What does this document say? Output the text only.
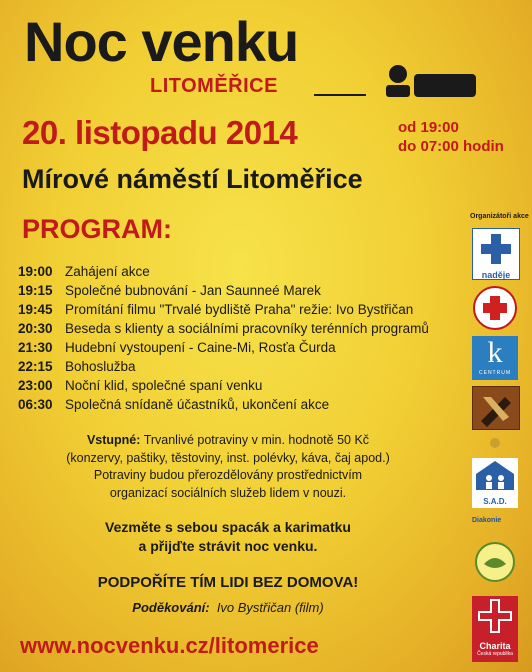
Noc venku
LITOMĚŘICE
20. listopadu 2014	od 19:00
do 07:00 hodin
Mírové náměstí Litoměřice
PROGRAM:
19:00 Zahájení akce
19:15 Společné bubnování - Jan Saunneé Marek
19:45 Promítání filmu "Trvalé bydliště Praha" režie: Ivo Bystřičan
20:30 Beseda s klienty a sociálními pracovníky terénních programů
21:30 Hudební vystoupení - Caine-Mi, Rosťa Čurda
22:15 Bohoslužba
23:00 Noční klid, společné spaní venku
06:30 Společná snídaně účastníků, ukončení akce
Vstupné: Trvanlivé potraviny v min. hodnotě 50 Kč
(konzervy, paštiky, těstoviny, inst. polévky, káva, čaj apod.)
Potraviny budou přerozdělovány prostřednictvím
organizací sociálních služeb lidem v nouzi.
Vezměte s sebou spacák a karimatku
a přijďte strávit noc venku.
PODPOŘÍTE TÍM LIDI BEZ DOMOVA!
Poděkování: Ivo Bystřičan (film)
www.nocvenku.cz/litomerice
Organizátoři akce
naděje
k
CENTRUM
S.A.D.
Diakonie
Charita
Česká republika
